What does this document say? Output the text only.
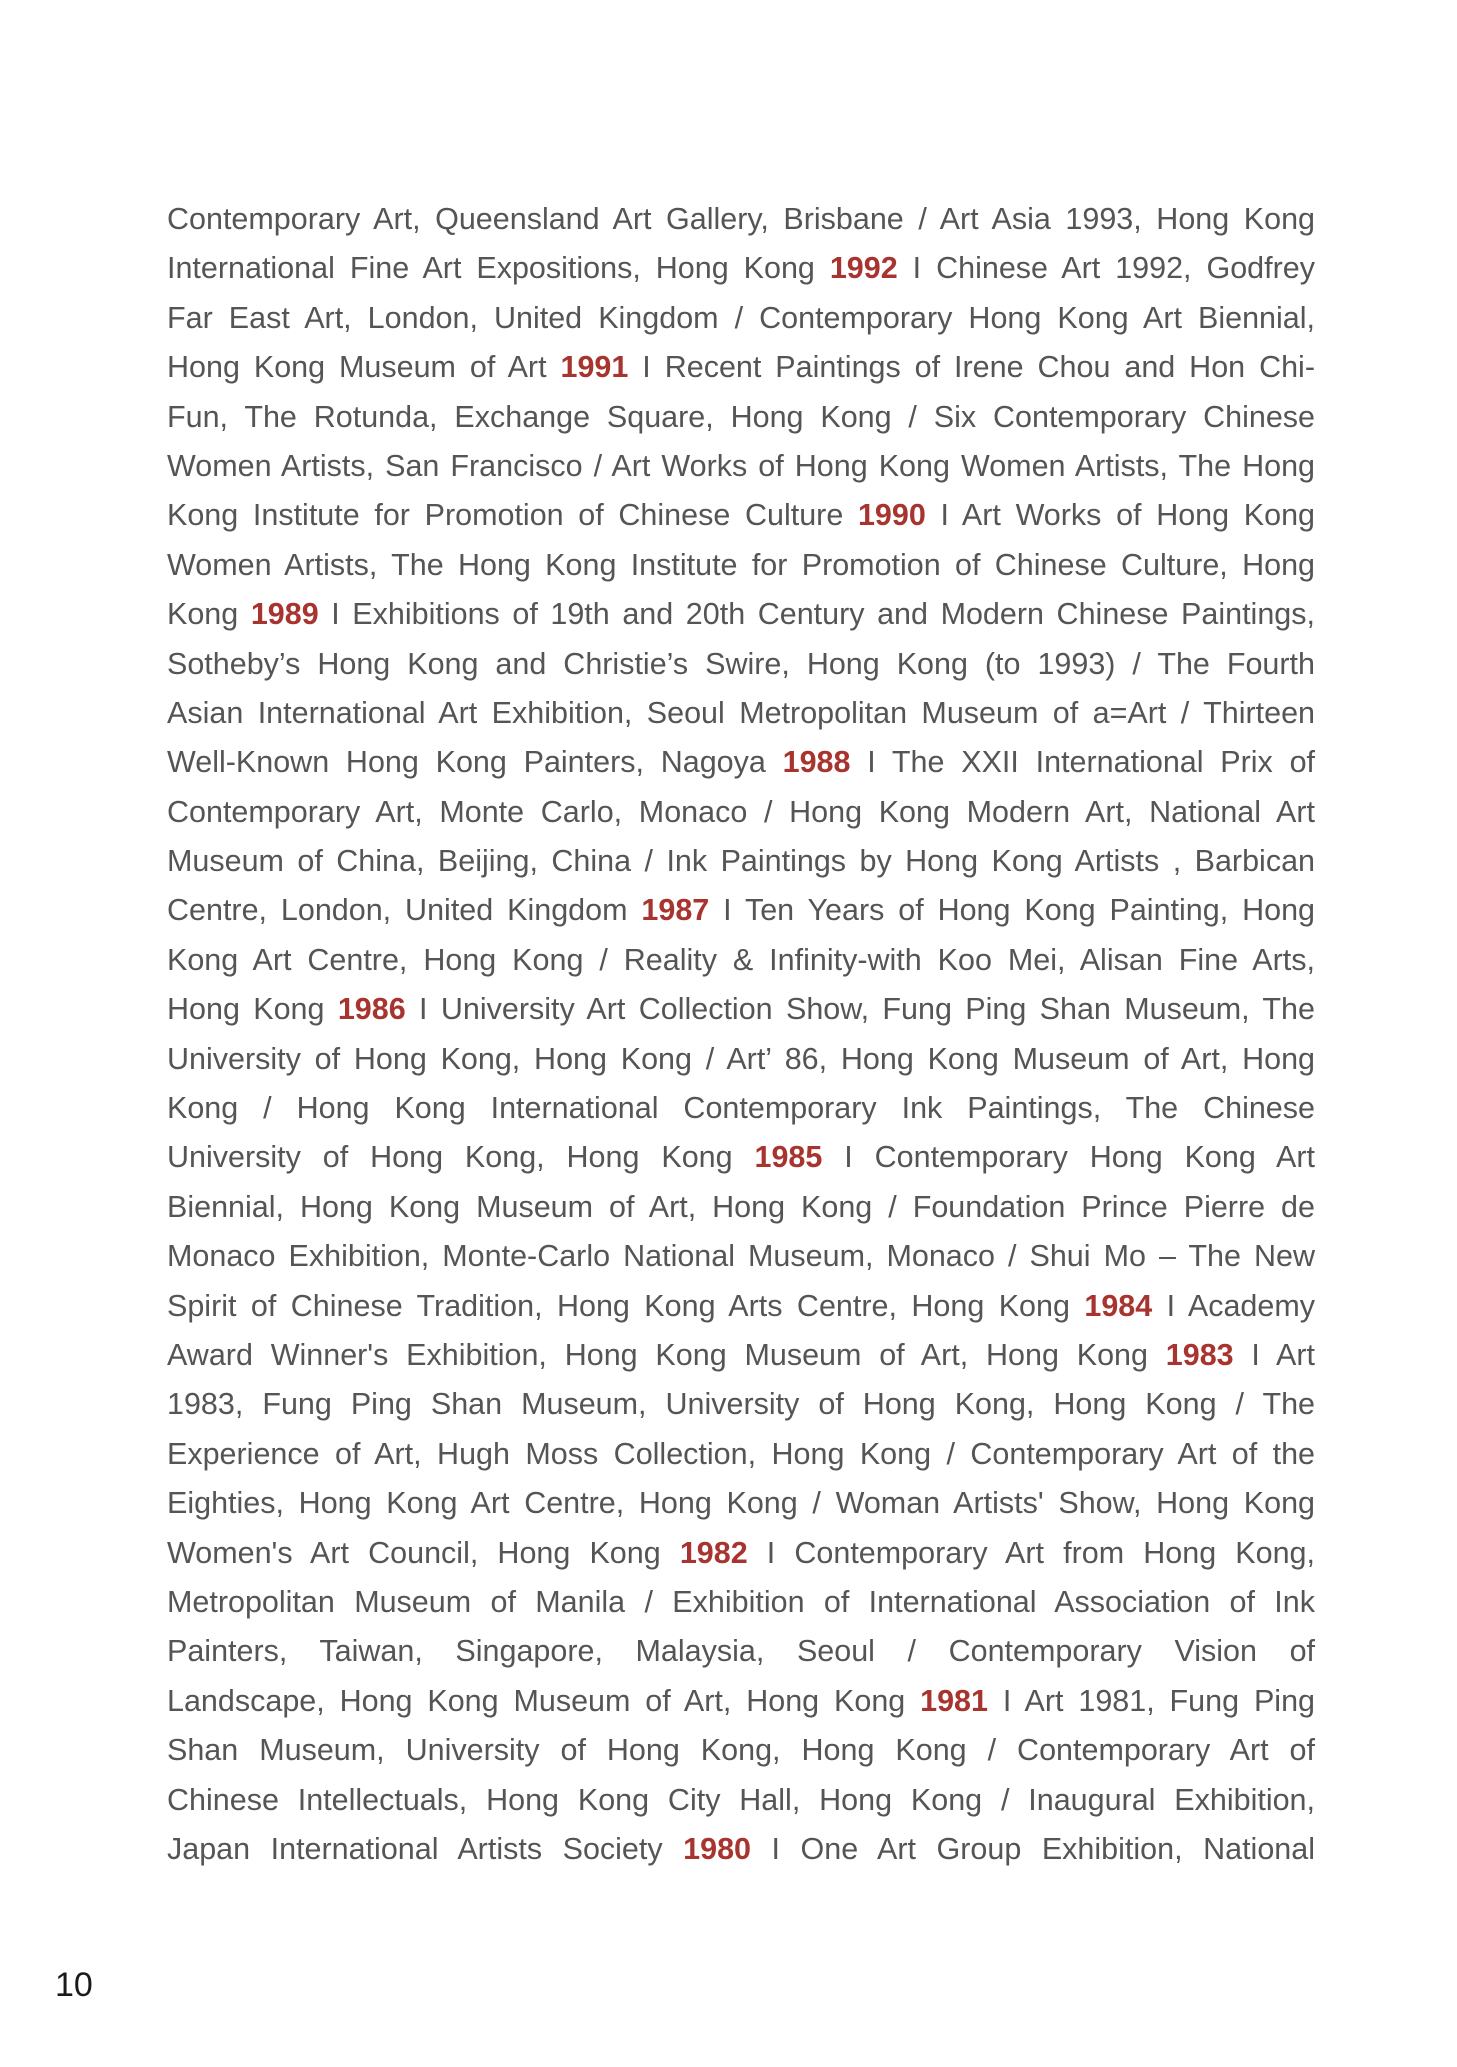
Contemporary Art, Queensland Art Gallery, Brisbane / Art Asia 1993, Hong Kong
International Fine Art Expositions, Hong Kong 1992 I Chinese Art 1992, Godfrey
Far East Art, London, United Kingdom / Contemporary Hong Kong Art Biennial,
Hong Kong Museum of Art 1991 I Recent Paintings of Irene Chou and Hon Chi-
Fun, The Rotunda, Exchange Square, Hong Kong / Six Contemporary Chinese
Women Artists, San Francisco / Art Works of Hong Kong Women Artists, The Hong
Kong Institute for Promotion of Chinese Culture 1990 I Art Works of Hong Kong
Women Artists, The Hong Kong Institute for Promotion of Chinese Culture, Hong
Kong 1989 I Exhibitions of 19th and 20th Century and Modern Chinese Paintings,
Sotheby’s Hong Kong and Christie’s Swire, Hong Kong (to 1993) / The Fourth
Asian International Art Exhibition, Seoul Metropolitan Museum of a=Art / Thirteen
Well-Known Hong Kong Painters, Nagoya 1988 I The XXII International Prix of
Contemporary Art, Monte Carlo, Monaco / Hong Kong Modern Art, National Art
Museum of China, Beijing, China / Ink Paintings by Hong Kong Artists , Barbican
Centre, London, United Kingdom 1987 I Ten Years of Hong Kong Painting, Hong
Kong Art Centre, Hong Kong / Reality & Infinity-with Koo Mei, Alisan Fine Arts,
Hong Kong 1986 I University Art Collection Show, Fung Ping Shan Museum, The
University of Hong Kong, Hong Kong / Art’ 86, Hong Kong Museum of Art, Hong
Kong / Hong Kong International Contemporary Ink Paintings, The Chinese
University of Hong Kong, Hong Kong 1985 I Contemporary Hong Kong Art
Biennial, Hong Kong Museum of Art, Hong Kong / Foundation Prince Pierre de
Monaco Exhibition, Monte-Carlo National Museum, Monaco / Shui Mo – The New
Spirit of Chinese Tradition, Hong Kong Arts Centre, Hong Kong 1984 I Academy
Award Winner's Exhibition, Hong Kong Museum of Art, Hong Kong 1983 I Art
1983, Fung Ping Shan Museum, University of Hong Kong, Hong Kong / The
Experience of Art, Hugh Moss Collection, Hong Kong / Contemporary Art of the
Eighties, Hong Kong Art Centre, Hong Kong / Woman Artists' Show, Hong Kong
Women's Art Council, Hong Kong 1982 I Contemporary Art from Hong Kong,
Metropolitan Museum of Manila / Exhibition of International Association of Ink
Painters, Taiwan, Singapore, Malaysia, Seoul / Contemporary Vision of
Landscape, Hong Kong Museum of Art, Hong Kong 1981 I Art 1981, Fung Ping
Shan Museum, University of Hong Kong, Hong Kong / Contemporary Art of
Chinese Intellectuals, Hong Kong City Hall, Hong Kong / Inaugural Exhibition,
Japan International Artists Society 1980 I One Art Group Exhibition, National
10
